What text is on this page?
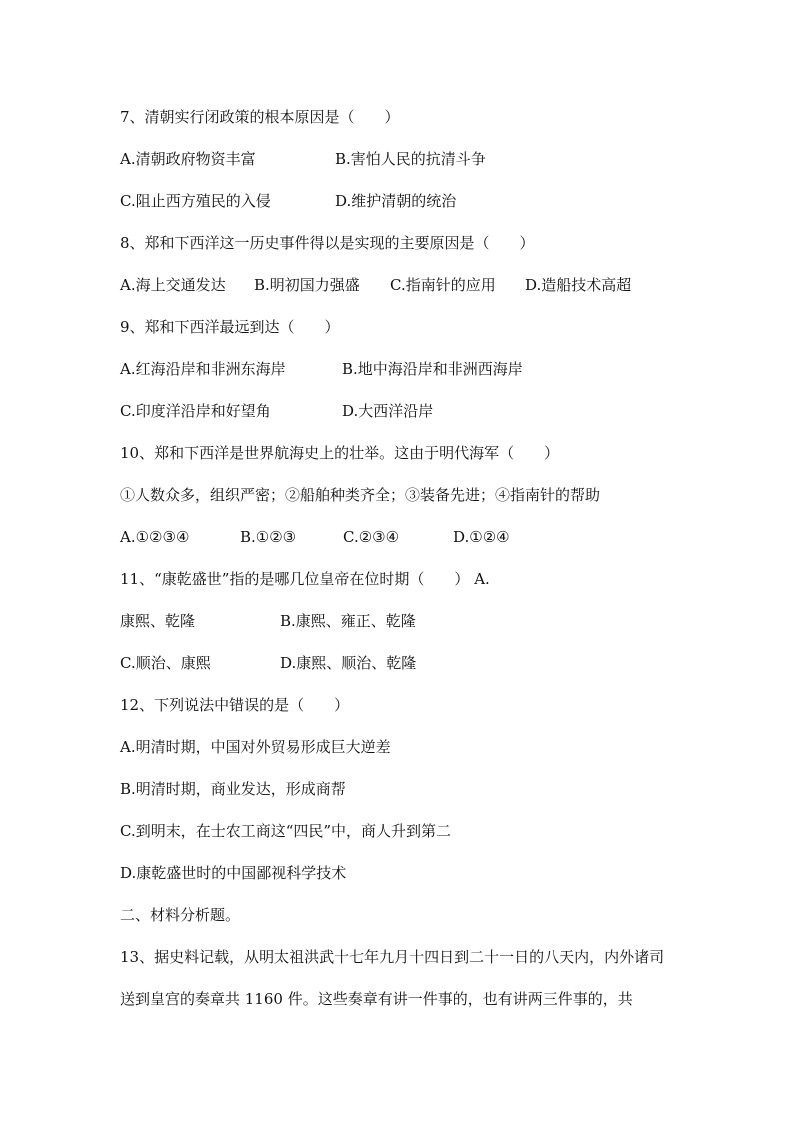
7、清朝实行闭政策的根本原因是（　　）
A.清朝政府物资丰富	B.害怕人民的抗清斗争
C.阻止西方殖民的入侵	D.维护清朝的统治
8、郑和下西洋这一历史事件得以是实现的主要原因是（　　）
A.海上交通发达 B.明初国力强盛 C.指南针的应用 D.造船技术高超
9、郑和下西洋最远到达（　　）
A.红海沿岸和非洲东海岸	B.地中海沿岸和非洲西海岸
C.印度洋沿岸和好望角	D.大西洋沿岸
10、郑和下西洋是世界航海史上的壮举。这由于明代海军（　　）
①人数众多，组织严密；②船舶种类齐全；③装备先进；④指南针的帮助
A.①②③④	B.①②③	C.②③④	D.①②④
11、“康乾盛世”指的是哪几位皇帝在位时期（　　） A.
康熙、乾隆	B.康熙、雍正、乾隆
C.顺治、康熙	D.康熙、顺治、乾隆
12、下列说法中错误的是（　　）
A.明清时期，中国对外贸易形成巨大逆差
B.明清时期，商业发达，形成商帮
C.到明末，在士农工商这“四民”中，商人升到第二
D.康乾盛世时的中国鄙视科学技术
二、材料分析题。
13、据史料记载，从明太祖洪武十七年九月十四日到二十一日的八天内，内外诸司
送到皇宫的奏章共 1160 件。这些奏章有讲一件事的，也有讲两三件事的，共
